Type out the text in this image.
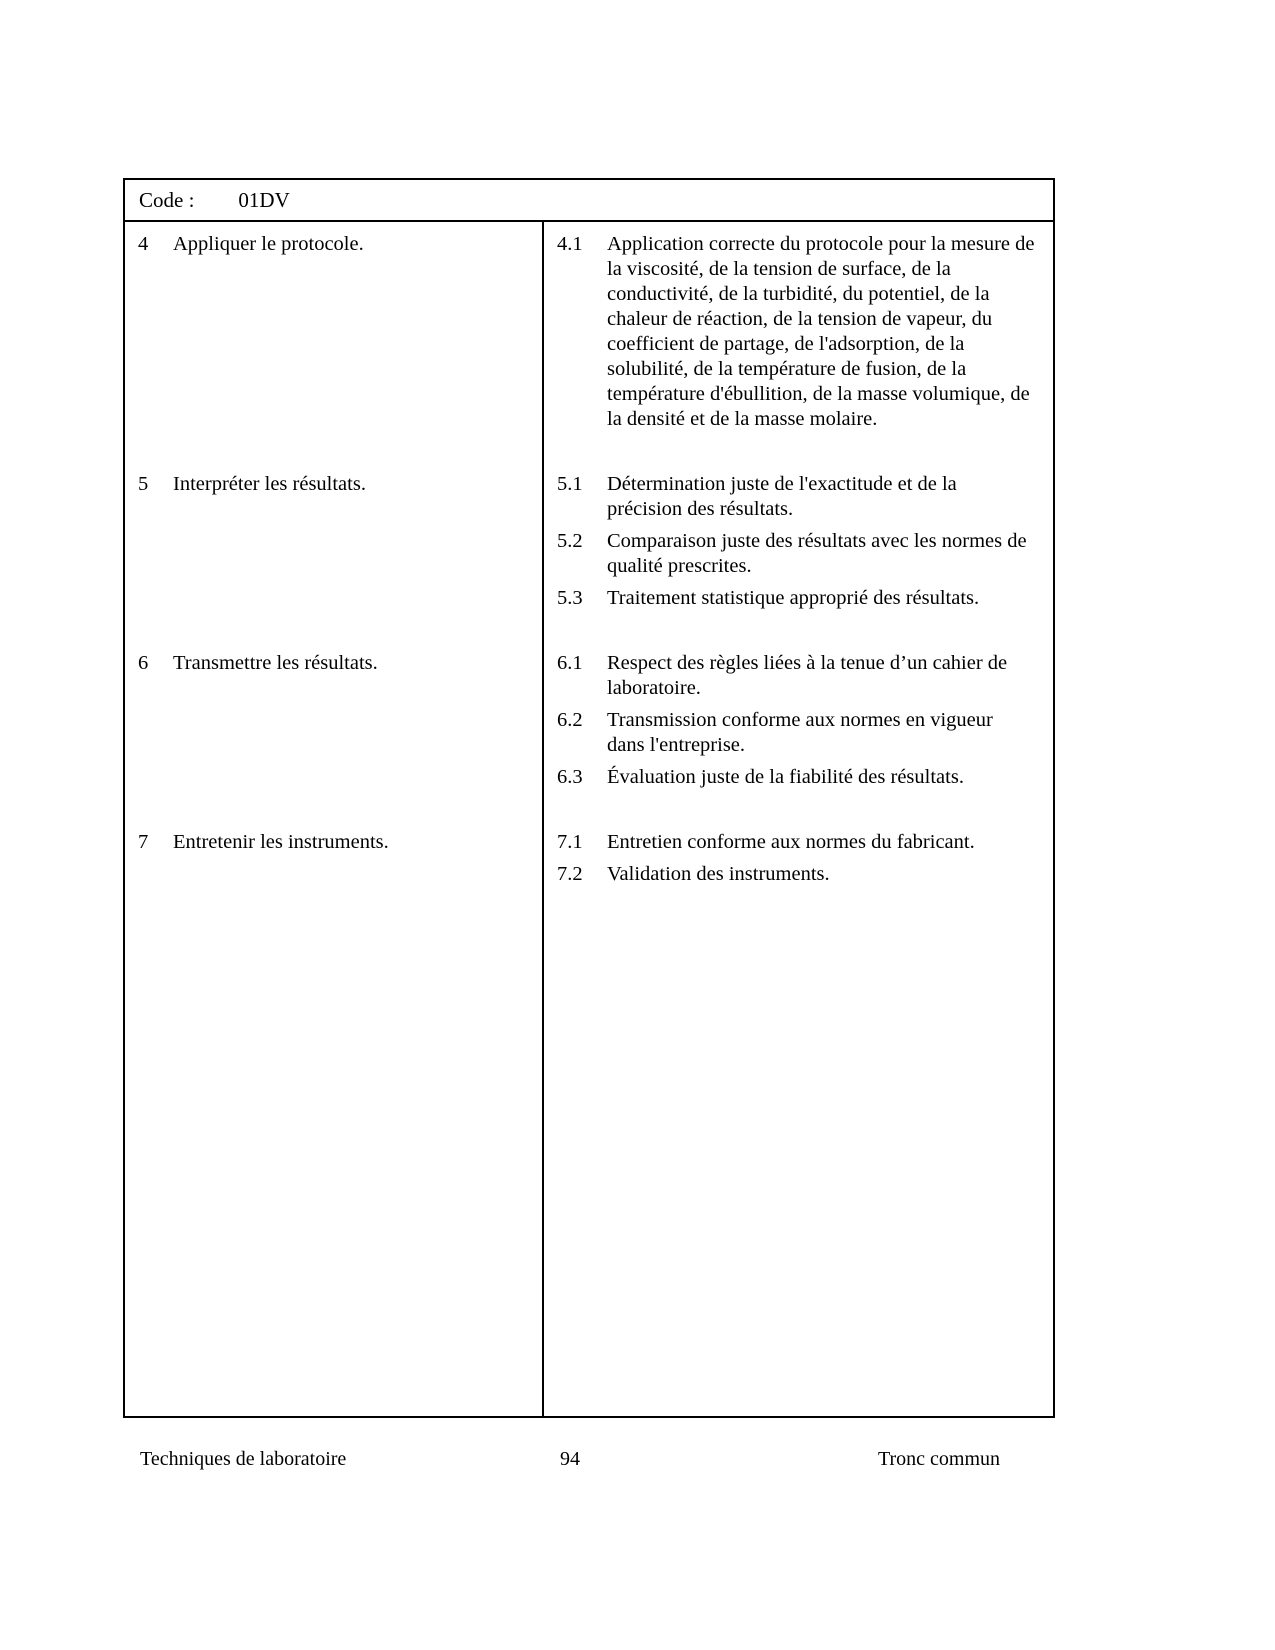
Code : 01DV
4	Appliquer le protocole.	4.1	Application correcte du protocole pour la mesure de la viscosité, de la tension de surface, de la conductivité, de la turbidité, du potentiel, de la chaleur de réaction, de la tension de vapeur, du coefficient de partage, de l'adsorption, de la solubilité, de la température de fusion, de la température d'ébullition, de la masse volumique, de la densité et de la masse molaire.
5	Interpréter les résultats.	5.1	Détermination juste de l'exactitude et de la précision des résultats.
5.2	Comparaison juste des résultats avec les normes de qualité prescrites.
5.3	Traitement statistique approprié des résultats.
6	Transmettre les résultats.	6.1	Respect des règles liées à la tenue d’un cahier de laboratoire.
6.2	Transmission conforme aux normes en vigueur dans l'entreprise.
6.3	Évaluation juste de la fiabilité des résultats.
7	Entretenir les instruments.	7.1	Entretien conforme aux normes du fabricant.
7.2	Validation des instruments.
Techniques de laboratoire	94	Tronc commun
